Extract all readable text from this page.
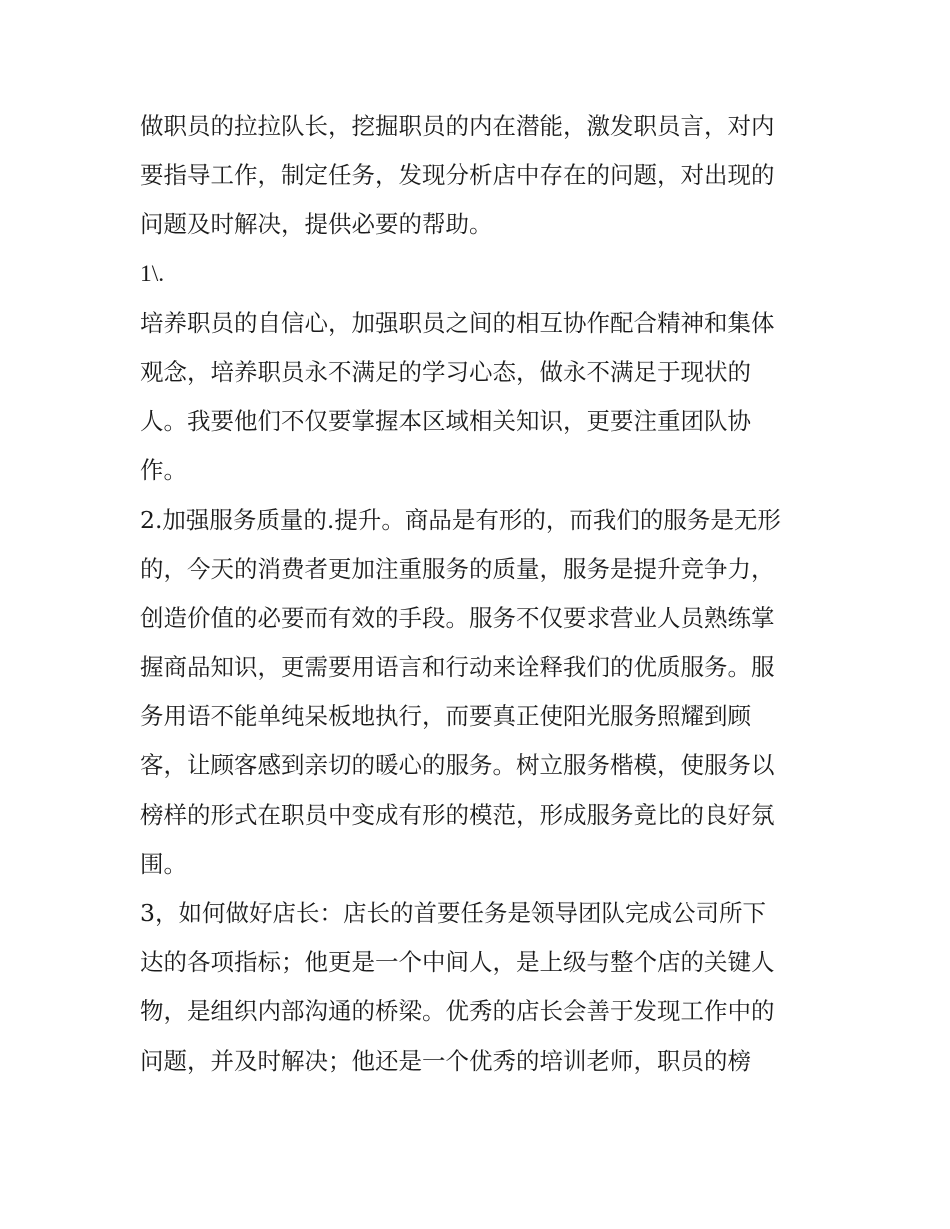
做职员的拉拉队长，挖掘职员的内在潜能，激发职员言，对内
要指导工作，制定任务，发现分析店中存在的问题，对出现的
问题及时解决，提供必要的帮助。
1\.
培养职员的自信心，加强职员之间的相互协作配合精神和集体
观念，培养职员永不满足的学习心态，做永不满足于现状的
人。我要他们不仅要掌握本区域相关知识，更要注重团队协
作。
2.加强服务质量的.提升。商品是有形的，而我们的服务是无形
的，今天的消费者更加注重服务的质量，服务是提升竞争力，
创造价值的必要而有效的手段。服务不仅要求营业人员熟练掌
握商品知识，更需要用语言和行动来诠释我们的优质服务。服
务用语不能单纯呆板地执行，而要真正使阳光服务照耀到顾
客，让顾客感到亲切的暖心的服务。树立服务楷模，使服务以
榜样的形式在职员中变成有形的模范，形成服务竟比的良好氛
围。
3，如何做好店长：店长的首要任务是领导团队完成公司所下
达的各项指标；他更是一个中间人，是上级与整个店的关键人
物，是组织内部沟通的桥梁。优秀的店长会善于发现工作中的
问题，并及时解决；他还是一个优秀的培训老师，职员的榜
